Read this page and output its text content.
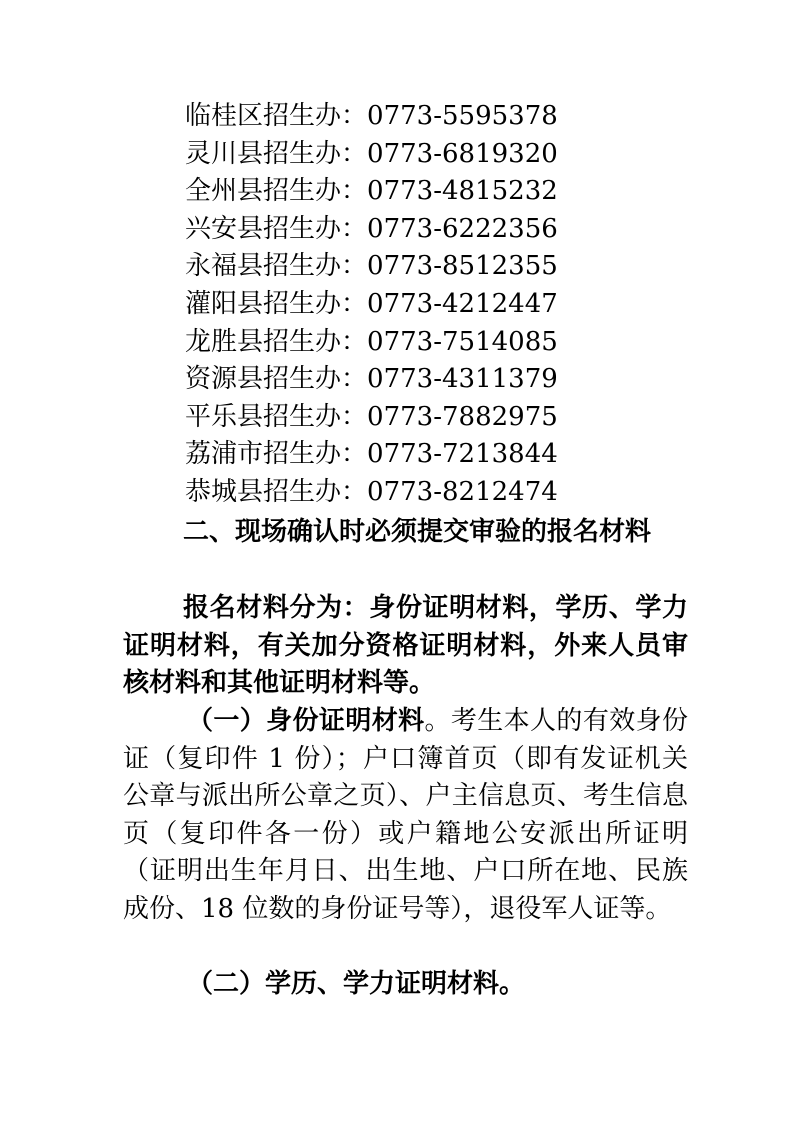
临桂区招生办：0773-5595378
灵川县招生办：0773-6819320
全州县招生办：0773-4815232
兴安县招生办：0773-6222356
永福县招生办：0773-8512355
灌阳县招生办：0773-4212447
龙胜县招生办：0773-7514085
资源县招生办：0773-4311379
平乐县招生办：0773-7882975
荔浦市招生办：0773-7213844
恭城县招生办：0773-8212474

二、现场确认时必须提交审验的报名材料

报名材料分为：身份证明材料，学历、学力证明材料，有关加分资格证明材料，外来人员审核材料和其他证明材料等。

（一）身份证明材料。考生本人的有效身份证（复印件 1 份）；户口簿首页（即有发证机关公章与派出所公章之页）、户主信息页、考生信息页（复印件各一份）或户籍地公安派出所证明（证明出生年月日、出生地、户口所在地、民族成份、18 位数的身份证号等），退役军人证等。

（二）学历、学力证明材料。
